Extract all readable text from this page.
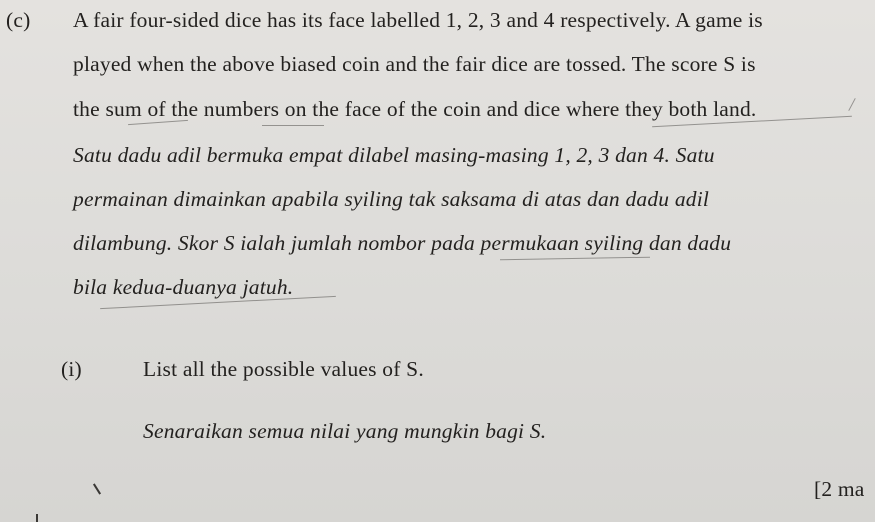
(c) A fair four-sided dice has its face labelled 1, 2, 3 and 4 respectively. A game is
played when the above biased coin and the fair dice are tossed. The score S is
the sum of the numbers on the face of the coin and dice where they both land.
Satu dadu adil bermuka empat dilabel masing-masing 1, 2, 3 dan 4. Satu
permainan dimainkan apabila syiling tak saksama di atas dan dadu adil
dilambung. Skor S ialah jumlah nombor pada permukaan syiling dan dadu
bila kedua-duanya jatuh.
(i)	List all the possible values of S.
Senaraikan semua nilai yang mungkin bagi S.
[2 ma
